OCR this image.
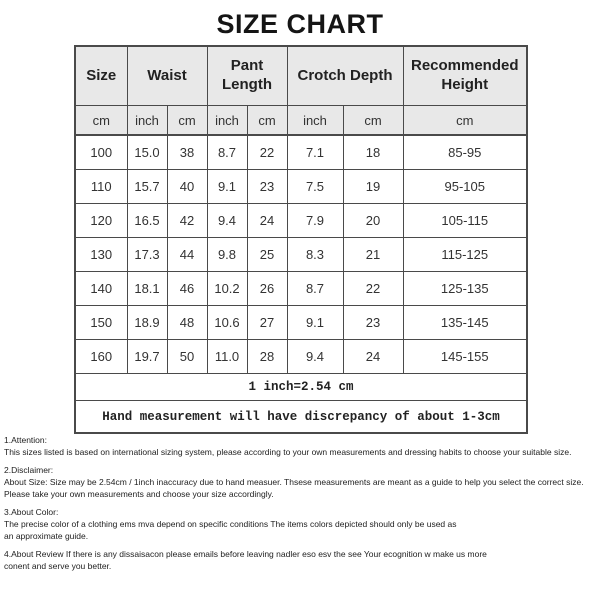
SIZE CHART
Size	Waist		Pant Length		Crotch Depth		Recommended Height
cm	inch	cm	inch	cm	inch	cm	cm
100	15.0	38	8.7	22	7.1	18	85-95
110	15.7	40	9.1	23	7.5	19	95-105
120	16.5	42	9.4	24	7.9	20	105-115
130	17.3	44	9.8	25	8.3	21	115-125
140	18.1	46	10.2	26	8.7	22	125-135
150	18.9	48	10.6	27	9.1	23	135-145
160	19.7	50	11.0	28	9.4	24	145-155
1 inch=2.54 cm							
Hand measurement will have discrepancy of about 1-3cm							
1.Attention:
This sizes listed is based on international sizing system, please according to your own measurements and dressing habits to choose your suitable size.
2.Disclaimer:
About Size: Size may be 2.54cm / 1inch inaccuracy due to hand measuer. Thsese measurements are meant as a guide to help you select the correct size.
Please take your own measurements and choose your size accordingly.
3.About Color:
The precise color of a clothing ems mva depend on specific conditions The items colors depicted should only be used as
an approximate guide.
4.About Review If there is any dissaisacon please emails before leaving nadler eso esv the see Your ecognition w make us more
conent and serve you better.
